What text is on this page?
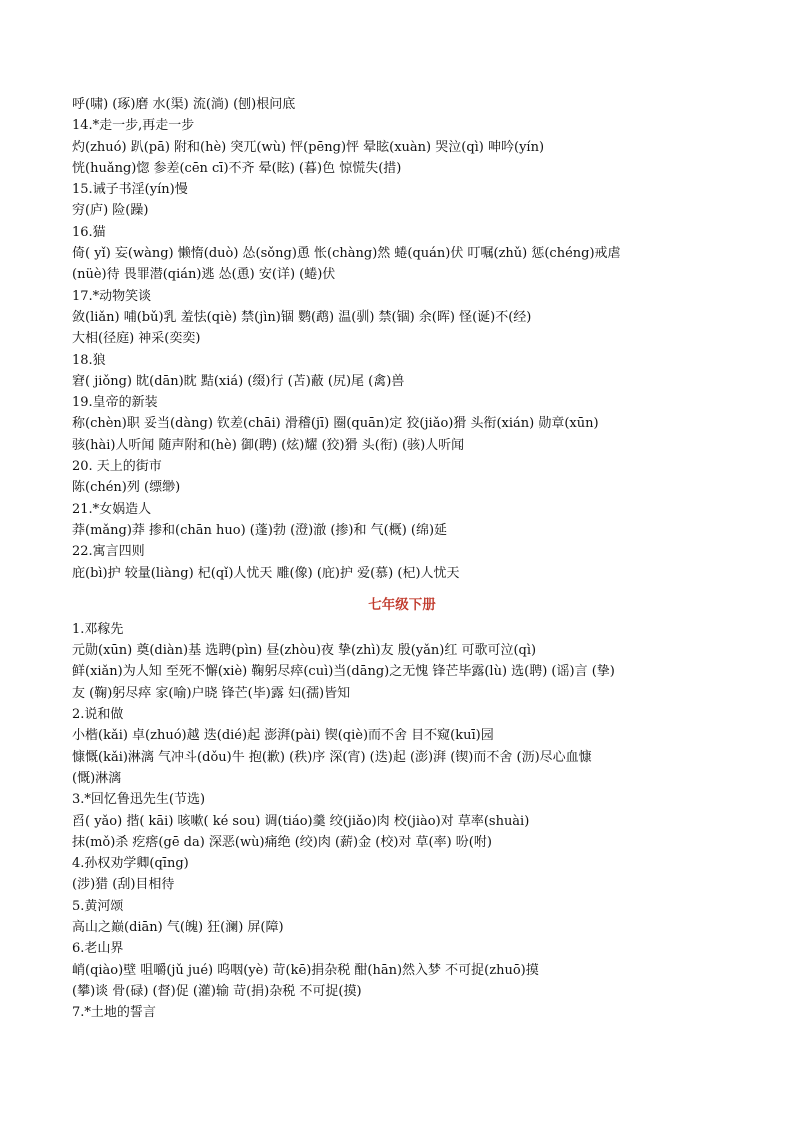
呼(啸) (琢)磨 水(渠) 流(淌) (刨)根问底
14.*走一步,再走一步
灼(zhuó) 趴(pā) 附和(hè) 突兀(wù) 怦(pēng)怦 晕眩(xuàn) 哭泣(qì) 呻吟(yín)
恍(huǎng)惚 参差(cēn cī)不齐 晕(眩) (暮)色 惊慌失(措)
15.诫子书淫(yín)慢
穷(庐) 险(躁)
16.猫
倚( yǐ) 妄(wàng) 懒惰(duò) 怂(sǒng)恿 怅(chàng)然 蜷(quán)伏 叮嘱(zhǔ) 惩(chéng)戒虐
(nüè)待 畏罪潜(qián)逃 怂(恿) 安(详) (蜷)伏
17.*动物笑谈
敛(liǎn) 哺(bǔ)乳 羞怯(qiè) 禁(jìn)锢 鹦(鹉) 温(驯) 禁(锢) 余(晖) 怪(诞)不(经)
大相(径庭) 神采(奕奕)
18.狼
窘( jiǒng) 眈(dān)眈 黠(xiá) (缀)行 (苫)蔽 (尻)尾 (禽)兽
19.皇帝的新装
称(chèn)职 妥当(dàng) 钦差(chāi) 滑稽(jī) 圈(quān)定 狡(jiǎo)猾 头衔(xián) 勋章(xūn)
骇(hài)人听闻 随声附和(hè) 御(聘) (炫)耀 (狡)猾 头(衔) (骇)人听闻
20. 天上的街市
陈(chén)列 (缥缈)
21.*女娲造人
莽(mǎng)莽 掺和(chān huo) (蓬)勃 (澄)澈 (掺)和 气(概) (绵)延
22.寓言四则
庇(bì)护 较量(liàng) 杞(qǐ)人忧天 雕(像) (庇)护 爱(慕) (杞)人忧天
七年级下册
1.邓稼先
元勋(xūn) 奠(diàn)基 选聘(pìn) 昼(zhòu)夜 挚(zhì)友 殷(yǎn)红 可歌可泣(qì)
鲜(xiǎn)为人知 至死不懈(xiè) 鞠躬尽瘁(cuì)当(dāng)之无愧 锋芒毕露(lù) 选(聘) (谣)言 (挚)
友 (鞠)躬尽瘁 家(喻)户晓 锋芒(毕)露 妇(孺)皆知
2.说和做
小楷(kǎi) 卓(zhuó)越 迭(dié)起 澎湃(pài) 锲(qiè)而不舍 目不窥(kuī)园
慷慨(kǎi)淋漓 气冲斗(dǒu)牛 抱(歉) (秩)序 深(宵) (迭)起 (澎)湃 (锲)而不舍 (沥)尽心血慷
(慨)淋漓
3.*回忆鲁迅先生(节选)
舀( yǎo) 揩( kāi) 咳嗽( ké sou) 调(tiáo)羹 绞(jiǎo)肉 校(jiào)对 草率(shuài)
抹(mǒ)杀 疙瘩(gē da) 深恶(wù)痛绝 (绞)肉 (薪)金 (校)对 草(率) 吩(咐)
4.孙权劝学卿(qīng)
(涉)猎 (刮)目相待
5.黄河颂
高山之巅(diān) 气(魄) 狂(澜) 屏(障)
6.老山界
峭(qiào)壁 咀嚼(jǔ jué) 呜咽(yè) 苛(kē)捐杂税 酣(hān)然入梦 不可捉(zhuō)摸
(攀)谈 骨(碌) (督)促 (灌)输 苛(捐)杂税 不可捉(摸)
7.*土地的誓言
